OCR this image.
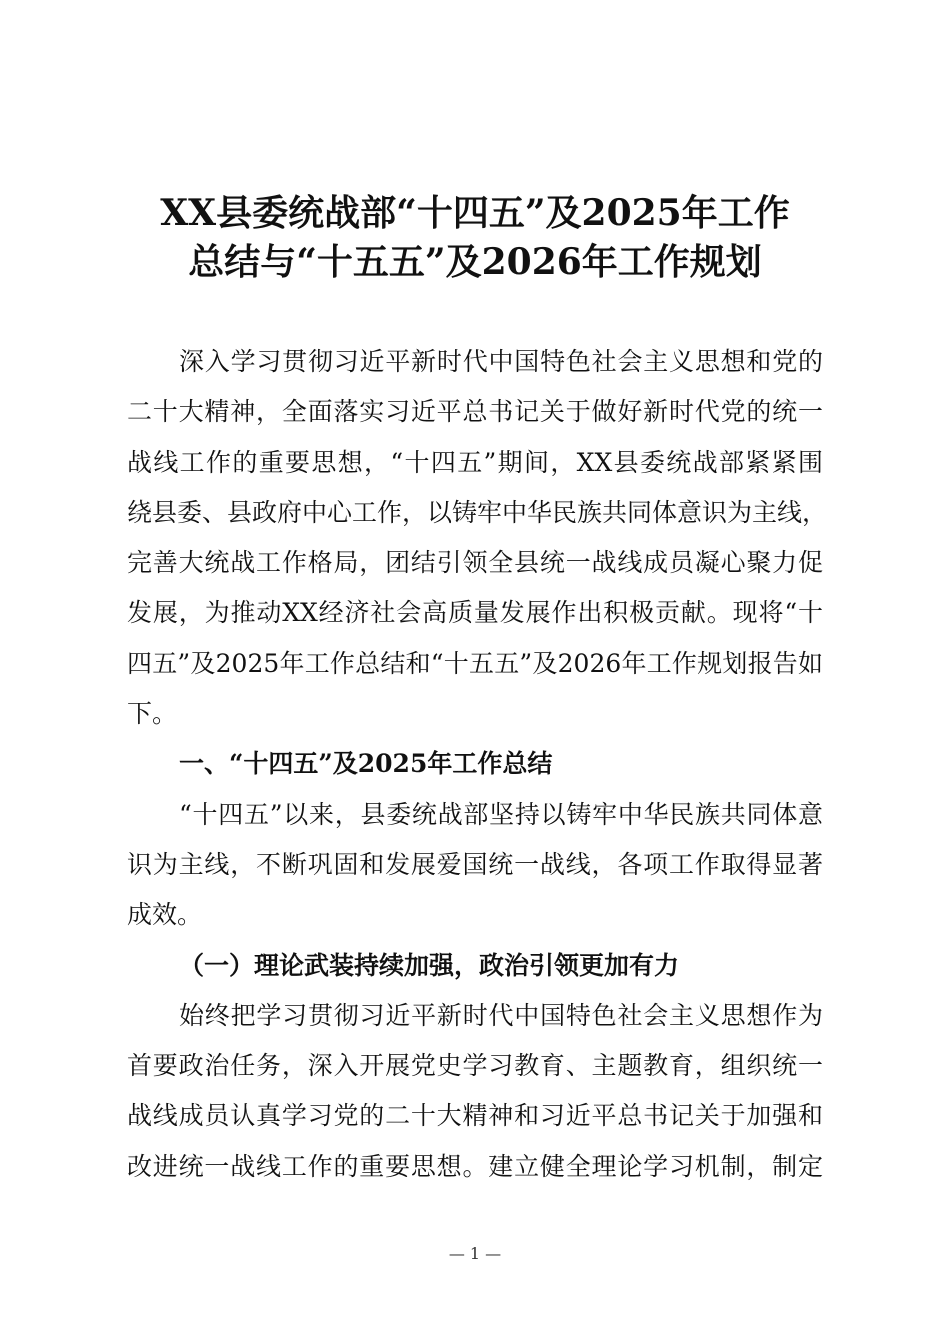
XX县委统战部“十四五”及2025年工作
总结与“十五五”及2026年工作规划
深入学习贯彻习近平新时代中国特色社会主义思想和党的
二十大精神，全面落实习近平总书记关于做好新时代党的统一
战线工作的重要思想，“十四五”期间，XX县委统战部紧紧围
绕县委、县政府中心工作，以铸牢中华民族共同体意识为主线，
完善大统战工作格局，团结引领全县统一战线成员凝心聚力促
发展，为推动XX经济社会高质量发展作出积极贡献。现将“十
四五”及2025年工作总结和“十五五”及2026年工作规划报告如
下。
一、“十四五”及2025年工作总结
“十四五”以来，县委统战部坚持以铸牢中华民族共同体意
识为主线，不断巩固和发展爱国统一战线，各项工作取得显著
成效。
（一）理论武装持续加强，政治引领更加有力
始终把学习贯彻习近平新时代中国特色社会主义思想作为
首要政治任务，深入开展党史学习教育、主题教育，组织统一
战线成员认真学习党的二十大精神和习近平总书记关于加强和
改进统一战线工作的重要思想。建立健全理论学习机制，制定
— 1 —
